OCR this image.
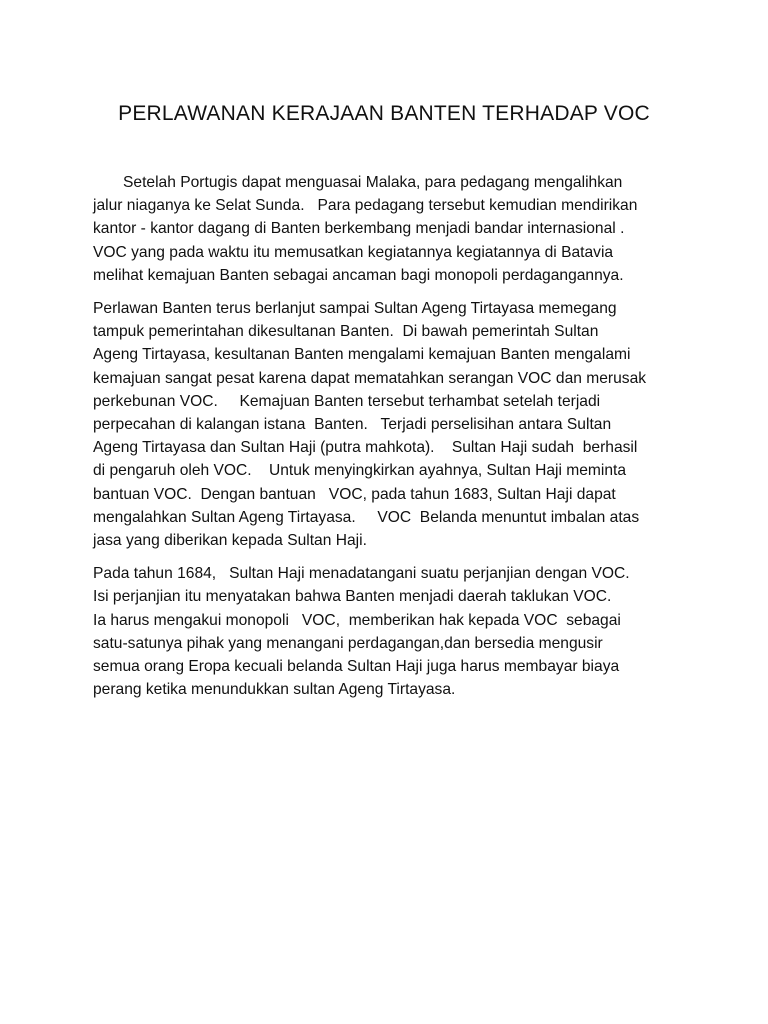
PERLAWANAN KERAJAAN BANTEN TERHADAP VOC

Setelah Portugis dapat menguasai Malaka, para pedagang mengalihkan
jalur niaganya ke Selat Sunda.   Para pedagang tersebut kemudian mendirikan
kantor - kantor dagang di Banten berkembang menjadi bandar internasional .
VOC yang pada waktu itu memusatkan kegiatannya kegiatannya di Batavia
melihat kemajuan Banten sebagai ancaman bagi monopoli perdagangannya.

Perlawan Banten terus berlanjut sampai Sultan Ageng Tirtayasa memegang
tampuk pemerintahan dikesultanan Banten.  Di bawah pemerintah Sultan
Ageng Tirtayasa, kesultanan Banten mengalami kemajuan Banten mengalami
kemajuan sangat pesat karena dapat mematahkan serangan VOC dan merusak
perkebunan VOC.     Kemajuan Banten tersebut terhambat setelah terjadi
perpecahan di kalangan istana  Banten.   Terjadi perselisihan antara Sultan
Ageng Tirtayasa dan Sultan Haji (putra mahkota).    Sultan Haji sudah  berhasil
di pengaruh oleh VOC.    Untuk menyingkirkan ayahnya, Sultan Haji meminta
bantuan VOC.  Dengan bantuan   VOC, pada tahun 1683, Sultan Haji dapat
mengalahkan Sultan Ageng Tirtayasa.     VOC  Belanda menuntut imbalan atas
jasa yang diberikan kepada Sultan Haji.

Pada tahun 1684,   Sultan Haji menadatangani suatu perjanjian dengan VOC.
Isi perjanjian itu menyatakan bahwa Banten menjadi daerah taklukan VOC.
Ia harus mengakui monopoli   VOC,  memberikan hak kepada VOC  sebagai
satu-satunya pihak yang menangani perdagangan,dan bersedia mengusir
semua orang Eropa kecuali belanda Sultan Haji juga harus membayar biaya
perang ketika menundukkan sultan Ageng Tirtayasa.
